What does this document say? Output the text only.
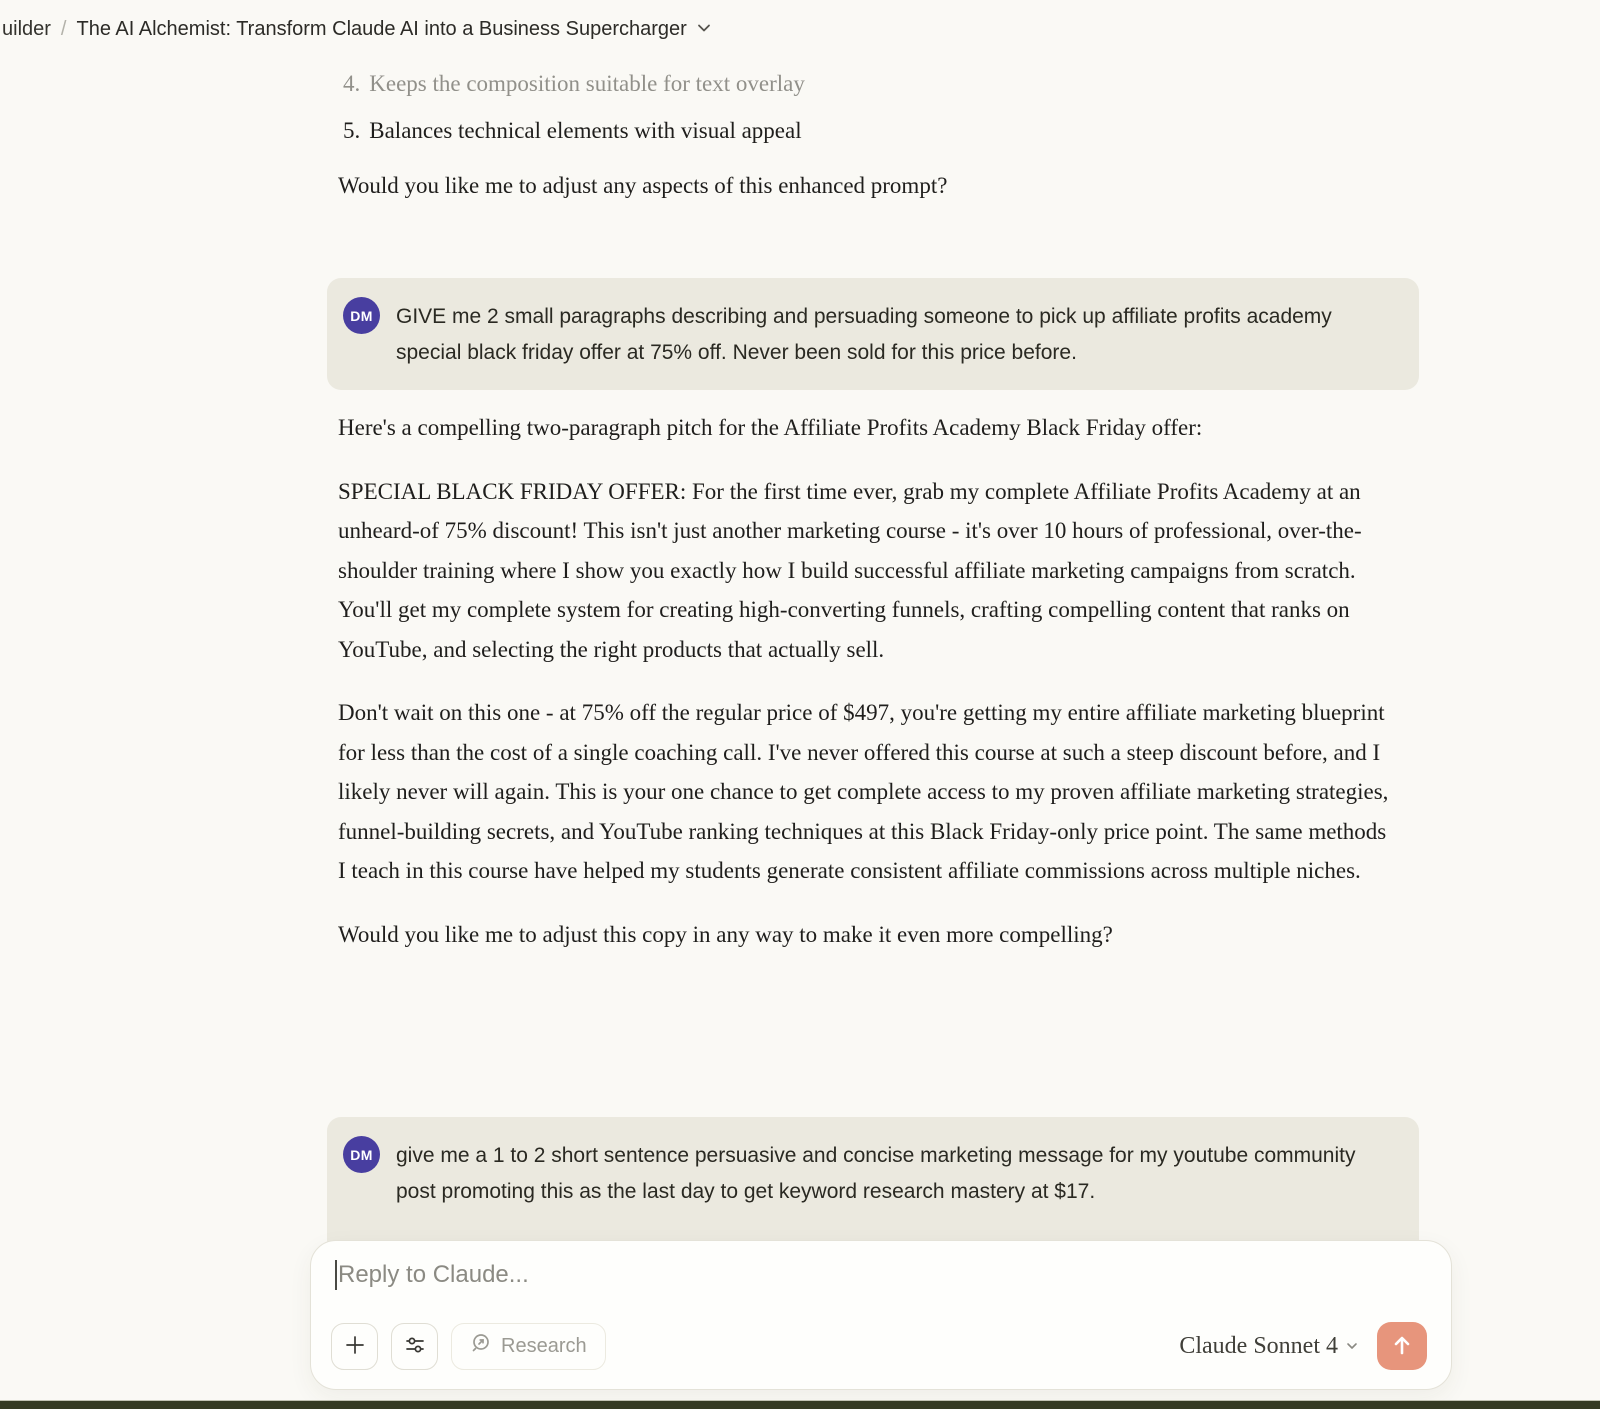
uilder / The AI Alchemist: Transform Claude AI into a Business Supercharger
4. Keeps the composition suitable for text overlay
5. Balances technical elements with visual appeal
Would you like me to adjust any aspects of this enhanced prompt?
DM	GIVE me 2 small paragraphs describing and persuading someone to pick up affiliate profits academy special black friday offer at 75% off. Never been sold for this price before.

Here's a compelling two-paragraph pitch for the Affiliate Profits Academy Black Friday offer:

SPECIAL BLACK FRIDAY OFFER: For the first time ever, grab my complete Affiliate Profits Academy at an unheard-of 75% discount! This isn't just another marketing course - it's over 10 hours of professional, over-the-shoulder training where I show you exactly how I build successful affiliate marketing campaigns from scratch. You'll get my complete system for creating high-converting funnels, crafting compelling content that ranks on YouTube, and selecting the right products that actually sell.

Don't wait on this one - at 75% off the regular price of $497, you're getting my entire affiliate marketing blueprint for less than the cost of a single coaching call. I've never offered this course at such a steep discount before, and I likely never will again. This is your one chance to get complete access to my proven affiliate marketing strategies, funnel-building secrets, and YouTube ranking techniques at this Black Friday-only price point. The same methods I teach in this course have helped my students generate consistent affiliate commissions across multiple niches.

Would you like me to adjust this copy in any way to make it even more compelling?

DM	give me a 1 to 2 short sentence persuasive and concise marketing message for my youtube community post promoting this as the last day to get keyword research mastery at $17.
Reply to Claude...
Research	Claude Sonnet 4
